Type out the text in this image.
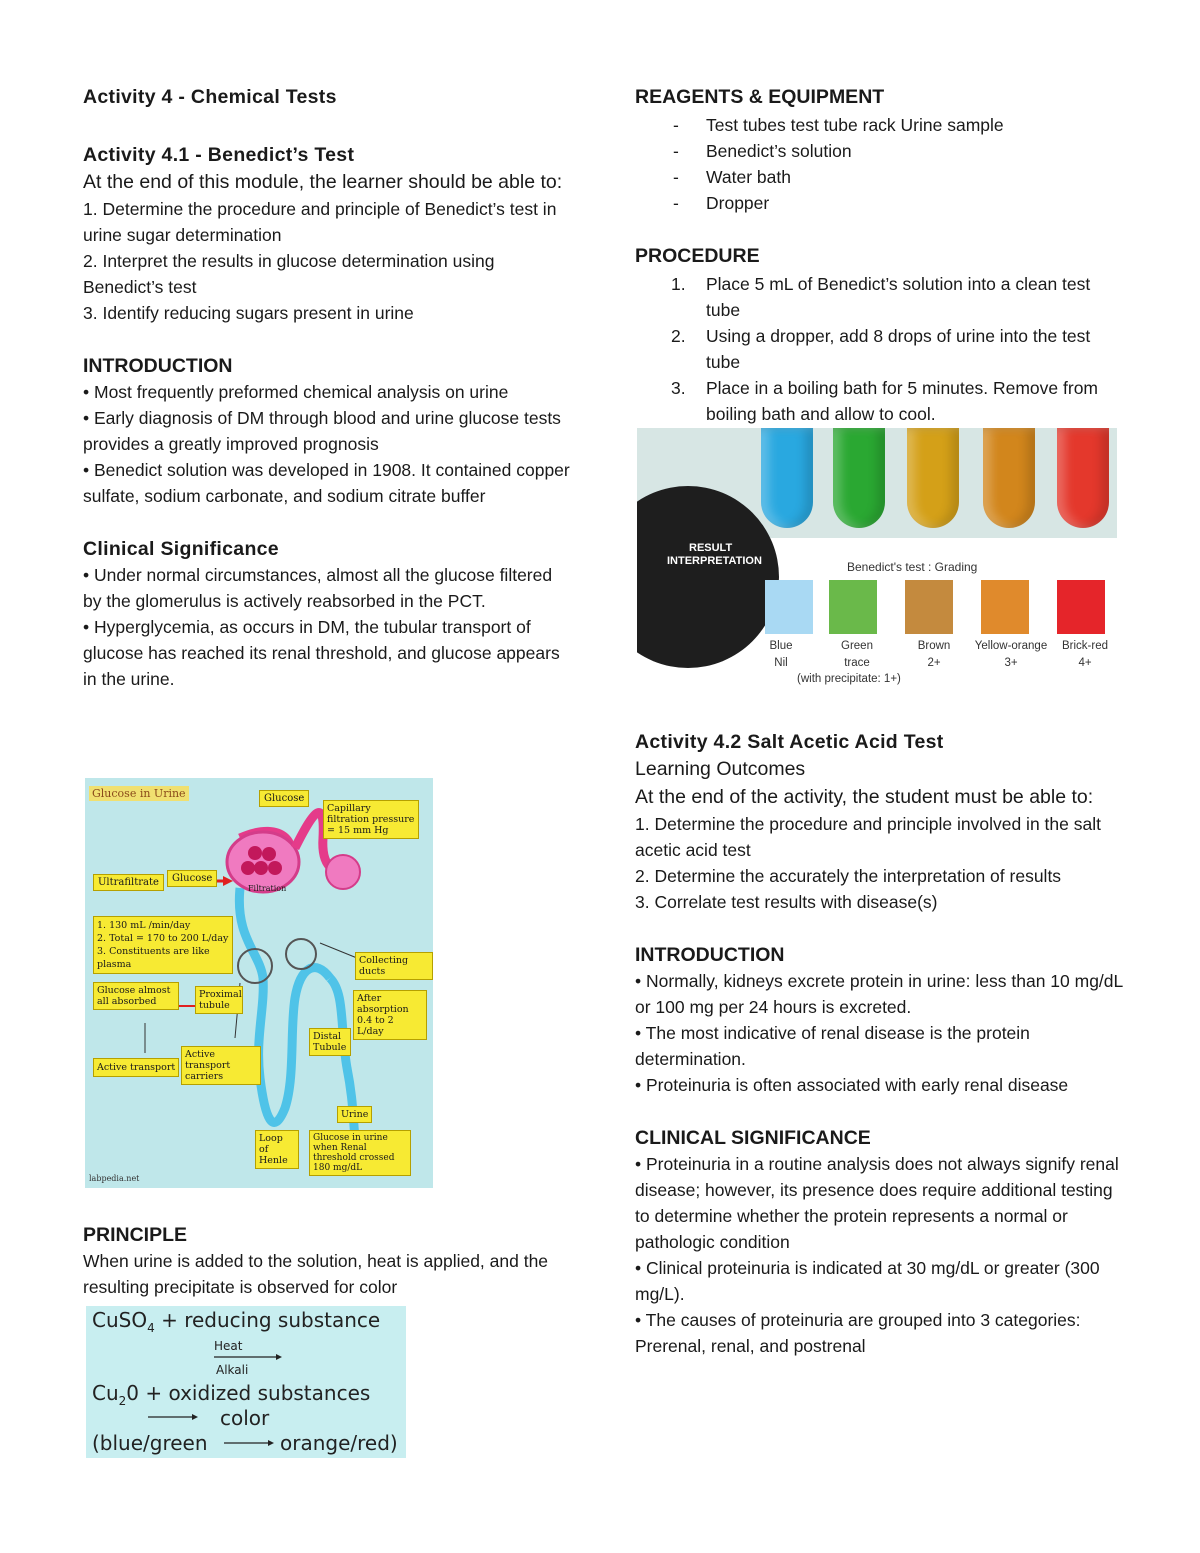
Activity 4 - Chemical Tests
Activity 4.1 - Benedict’s Test
At the end of this module, the learner should be able to:
1. Determine the procedure and principle of Benedict’s test in urine sugar determination
2. Interpret the results in glucose determination using Benedict’s test
3. Identify reducing sugars present in urine
INTRODUCTION
• Most frequently preformed chemical analysis on urine
• Early diagnosis of DM through blood and urine glucose tests provides a greatly improved prognosis
• Benedict solution was developed in 1908. It contained copper sulfate, sodium carbonate, and sodium citrate buffer
Clinical Significance
• Under normal circumstances, almost all the glucose filtered by the glomerulus is actively reabsorbed in the PCT.
• Hyperglycemia, as occurs in DM, the tubular transport of glucose has reached its renal threshold, and glucose appears in the urine.
Glucose in Urine	Glucose
Capillary filtration pressure = 15 mm Hg
Ultrafiltrate	Glucose
Filtration
1. 130 mL /min/day
2. Total = 170 to 200 L/day
3. Constituents are like plasma	Collecting ducts
Glucose almost all absorbed
Proximal tubule
After absorption 0.4 to 2 L/day
Distal Tubule
Active transport
Active transport carriers
Urine
Loop of Henle
Glucose in urine when Renal threshold crossed 180 mg/dL
labpedia.net
PRINCIPLE
When urine is added to the solution, heat is applied, and the resulting precipitate is observed for color
CuSO$_4$ + reducing substance
Heat
Alkali
$Cu_20$ + oxidized substances
color
(blue/green	orange/red)
REAGENTS & EQUIPMENT
- Test tubes test tube rack Urine sample
- Benedict’s solution
- Water bath
- Dropper
PROCEDURE
1. Place 5 mL of Benedict’s solution into a clean test tube
2. Using a dropper, add 8 drops of urine into the test tube
3. Place in a boiling bath for 5 minutes. Remove from boiling bath and allow to cool.
RESULT
INTERPRETATION	Benedict's test : Grading
Blue
Nil
Green
trace
Brown
2+
Yellow-orange
3+
Brick-red
4+
(with precipitate: 1+)
Activity 4.2 Salt Acetic Acid Test
Learning Outcomes
At the end of the activity, the student must be able to:
1. Determine the procedure and principle involved in the salt acetic acid test
2. Determine the accurately the interpretation of results
3. Correlate test results with disease(s)
INTRODUCTION
• Normally, kidneys excrete protein in urine: less than 10 mg/dL or 100 mg per 24 hours is excreted.
• The most indicative of renal disease is the protein determination.
• Proteinuria is often associated with early renal disease
CLINICAL SIGNIFICANCE
• Proteinuria in a routine analysis does not always signify renal disease; however, its presence does require additional testing to determine whether the protein represents a normal or pathologic condition
• Clinical proteinuria is indicated at 30 mg/dL or greater (300 mg/L).
• The causes of proteinuria are grouped into 3 categories: Prerenal, renal, and postrenal
